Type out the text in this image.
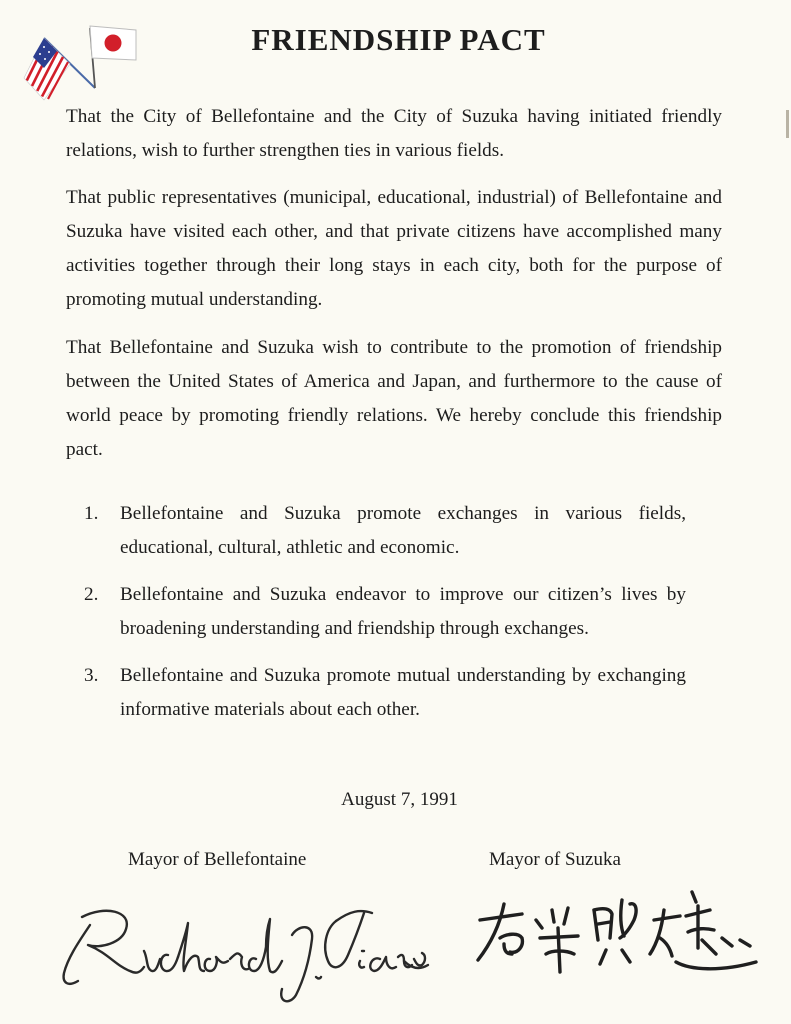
FRIENDSHIP PACT

That the City of Bellefontaine and the City of Suzuka having initiated friendly relations, wish to further strengthen ties in various fields.

That public representatives (municipal, educational, industrial) of Bellefontaine and Suzuka have visited each other, and that private citizens have accomplished many activities together through their long stays in each city, both for the purpose of promoting mutual understanding.

That Bellefontaine and Suzuka wish to contribute to the promotion of friendship between the United States of America and Japan, and furthermore to the cause of world peace by promoting friendly relations. We hereby conclude this friendship pact.

1. Bellefontaine and Suzuka promote exchanges in various fields, educational, cultural, athletic and economic.
2. Bellefontaine and Suzuka endeavor to improve our citizen’s lives by broadening understanding and friendship through exchanges.
3. Bellefontaine and Suzuka promote mutual understanding by exchanging informative materials about each other.
August 7, 1991
Mayor of Bellefontaine	Mayor of Suzuka
